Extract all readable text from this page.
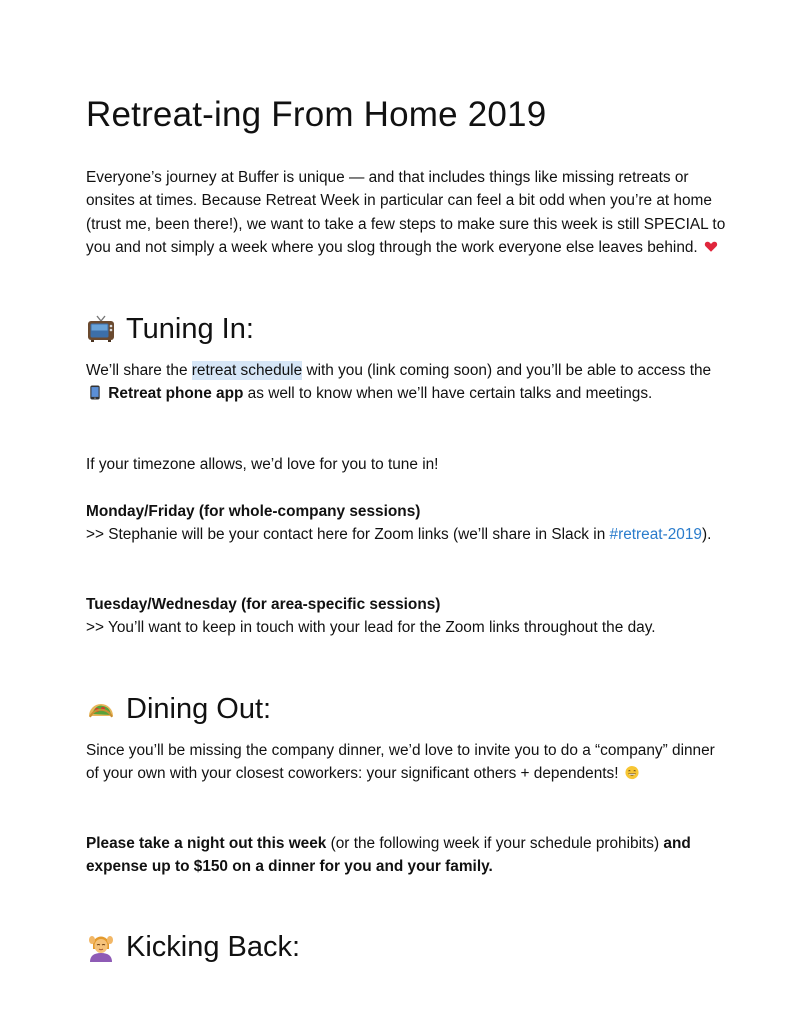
Retreat-ing From Home 2019

Everyone’s journey at Buffer is unique — and that includes things like missing retreats or onsites at times. Because Retreat Week in particular can feel a bit odd when you’re at home (trust me, been there!), we want to take a few steps to make sure this week is still SPECIAL to you and not simply a week where you slog through the work everyone else leaves behind.

Tuning In:

We’ll share the retreat schedule with you (link coming soon) and you’ll be able to access the  Retreat phone app as well to know when we’ll have certain talks and meetings.

If your timezone allows, we’d love for you to tune in!

Monday/Friday (for whole-company sessions)

>> Stephanie will be your contact here for Zoom links (we’ll share in Slack in #retreat-2019).

Tuesday/Wednesday (for area-specific sessions)

>> You’ll want to keep in touch with your lead for the Zoom links throughout the day.

Dining Out:

Since you’ll be missing the company dinner, we’d love to invite you to do a “company” dinner of your own with your closest coworkers: your significant others + dependents!

Please take a night out this week (or the following week if your schedule prohibits) and expense up to $150 on a dinner for you and your family.

Kicking Back:
